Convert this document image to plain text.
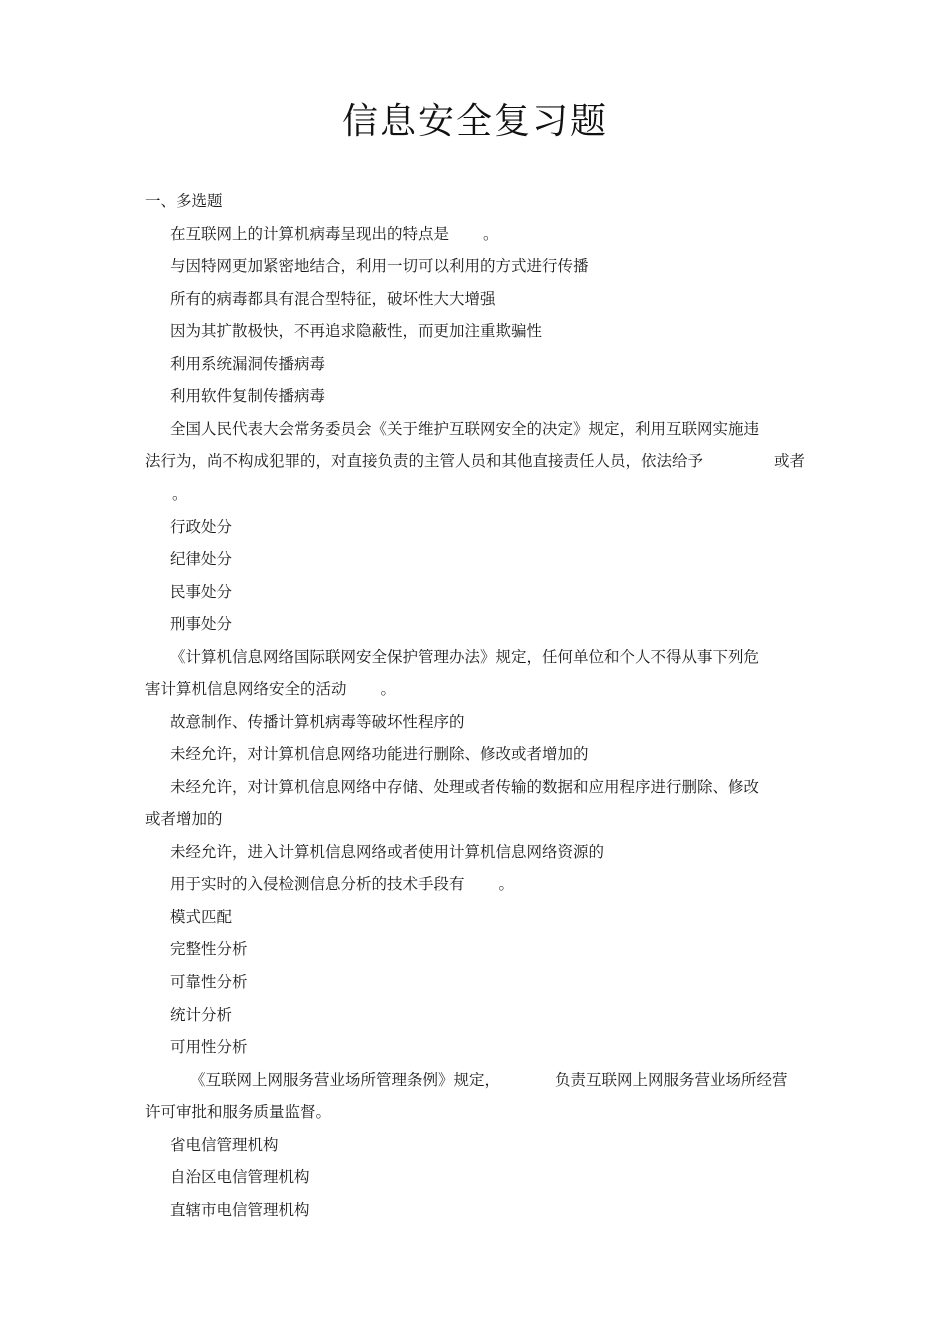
信息安全复习题
一、多选题
在互联网上的计算机病毒呈现出的特点是 。
与因特网更加紧密地结合，利用一切可以利用的方式进行传播
所有的病毒都具有混合型特征，破坏性大大增强
因为其扩散极快，不再追求隐蔽性，而更加注重欺骗性
利用系统漏洞传播病毒
利用软件复制传播病毒
全国人民代表大会常务委员会《关于维护互联网安全的决定》规定，利用互联网实施违
法行为，尚不构成犯罪的，对直接负责的主管人员和其他直接责任人员，依法给予	或者
。
行政处分
纪律处分
民事处分
刑事处分
《计算机信息网络国际联网安全保护管理办法》规定，任何单位和个人不得从事下列危
害计算机信息网络安全的活动 。
故意制作、传播计算机病毒等破坏性程序的
未经允许，对计算机信息网络功能进行删除、修改或者增加的
未经允许，对计算机信息网络中存储、处理或者传输的数据和应用程序进行删除、修改
或者增加的
未经允许，进入计算机信息网络或者使用计算机信息网络资源的
用于实时的入侵检测信息分析的技术手段有 。
模式匹配
完整性分析
可靠性分析
统计分析
可用性分析
《互联网上网服务营业场所管理条例》规定，	负责互联网上网服务营业场所经营
许可审批和服务质量监督。
省电信管理机构
自治区电信管理机构
直辖市电信管理机构
